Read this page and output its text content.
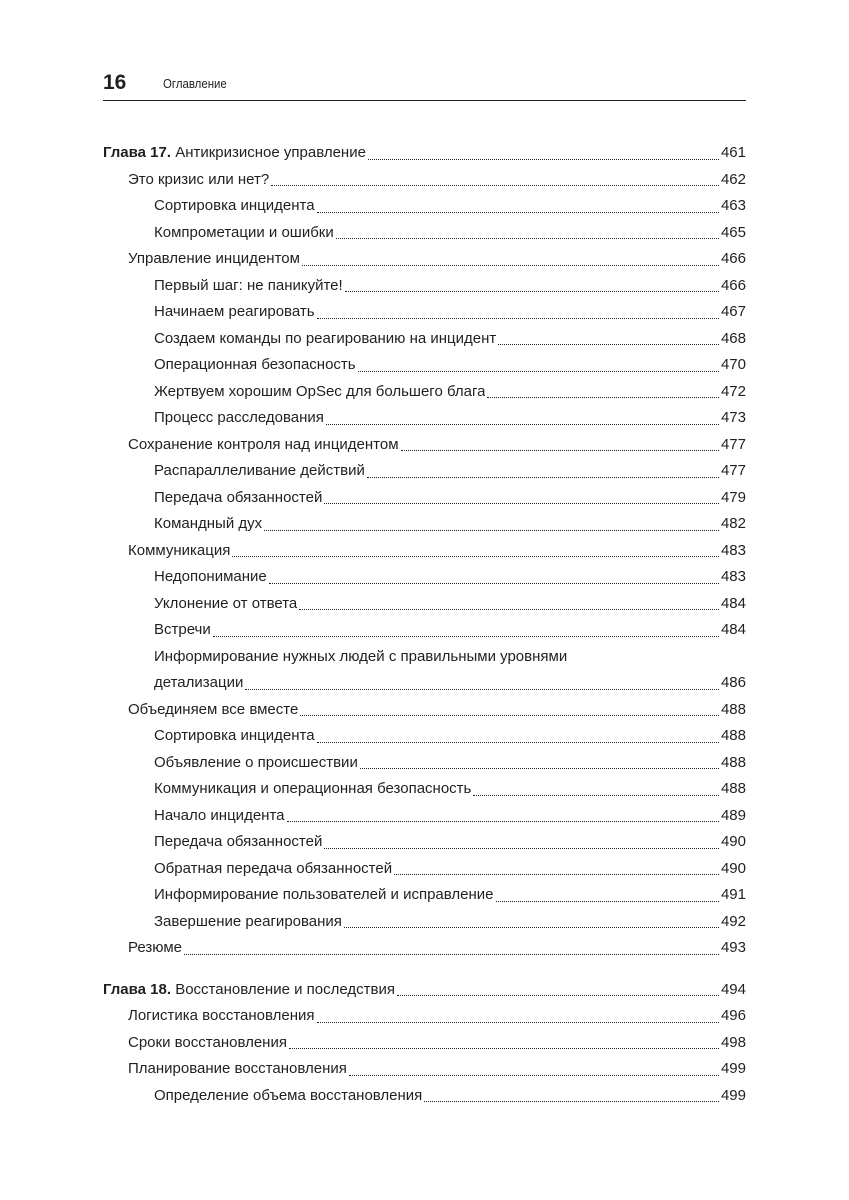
16	Оглавление
Глава 17. Антикризисное управление	461
Это кризис или нет?	462
Сортировка инцидента	463
Компрометации и ошибки	465
Управление инцидентом	466
Первый шаг: не паникуйте!	466
Начинаем реагировать	467
Создаем команды по реагированию на инцидент	468
Операционная безопасность	470
Жертвуем хорошим OpSec для большего блага	472
Процесс расследования	473
Сохранение контроля над инцидентом	477
Распараллеливание действий	477
Передача обязанностей	479
Командный дух	482
Коммуникация	483
Недопонимание	483
Уклонение от ответа	484
Встречи	484
Информирование нужных людей с правильными уровнями
детализации	486
Объединяем все вместе	488
Сортировка инцидента	488
Объявление о происшествии	488
Коммуникация и операционная безопасность	488
Начало инцидента	489
Передача обязанностей	490
Обратная передача обязанностей	490
Информирование пользователей и исправление	491
Завершение реагирования	492
Резюме	493
Глава 18. Восстановление и последствия	494
Логистика восстановления	496
Сроки восстановления	498
Планирование восстановления	499
Определение объема восстановления	499
